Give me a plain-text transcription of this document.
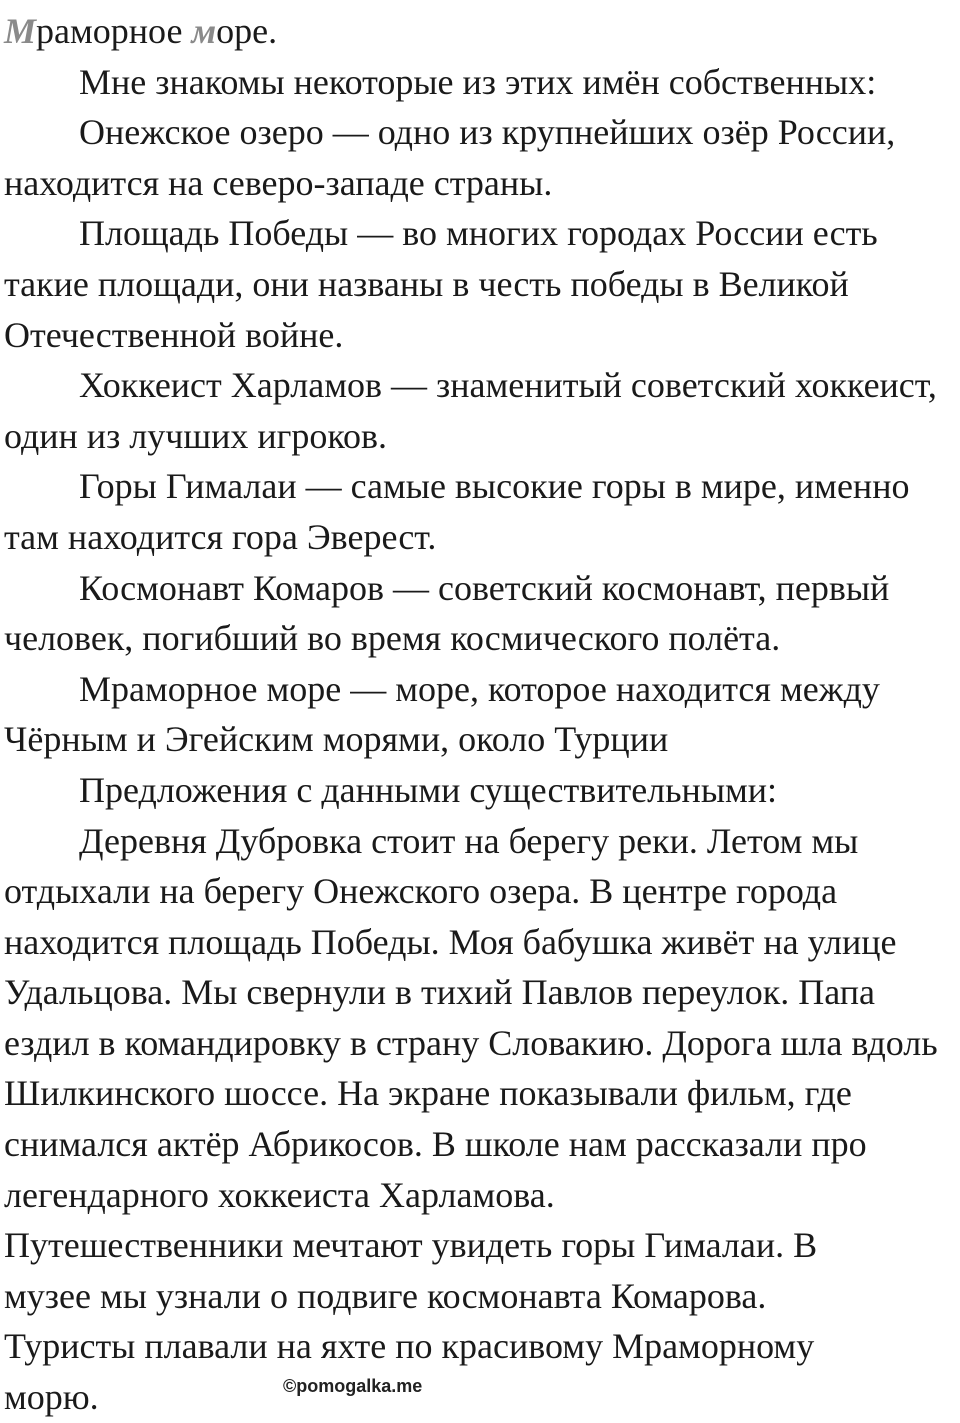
Мраморное море.

Мне знакомы некоторые из этих имён собственных:

Онежское озеро — одно из крупнейших озёр России, находится на северо-западе страны.

Площадь Победы — во многих городах России есть такие площади, они названы в честь победы в Великой Отечественной войне.

Хоккеист Харламов — знаменитый советский хоккеист, один из лучших игроков.

Горы Гималаи — самые высокие горы в мире, именно там находится гора Эверест.

Космонавт Комаров — советский космонавт, первый человек, погибший во время космического полёта.

Мраморное море — море, которое находится между Чёрным и Эгейским морями, около Турции

Предложения с данными существительными:

Деревня Дубровка стоит на берегу реки. Летом мы отдыхали на берегу Онежского озера. В центре города находится площадь Победы. Моя бабушка живёт на улице Удальцова. Мы свернули в тихий Павлов переулок. Папа ездил в командировку в страну Словакию. Дорога шла вдоль Шилкинского шоссе. На экране показывали фильм, где снимался актёр Абрикосов. В школе нам рассказали про легендарного хоккеиста Харламова.

Путешественники мечтают увидеть горы Гималаи. В

музее мы узнали о подвиге космонавта Комарова.

Туристы плавали на яхте по красивому Мраморному

морю.	©pomogalka.me
